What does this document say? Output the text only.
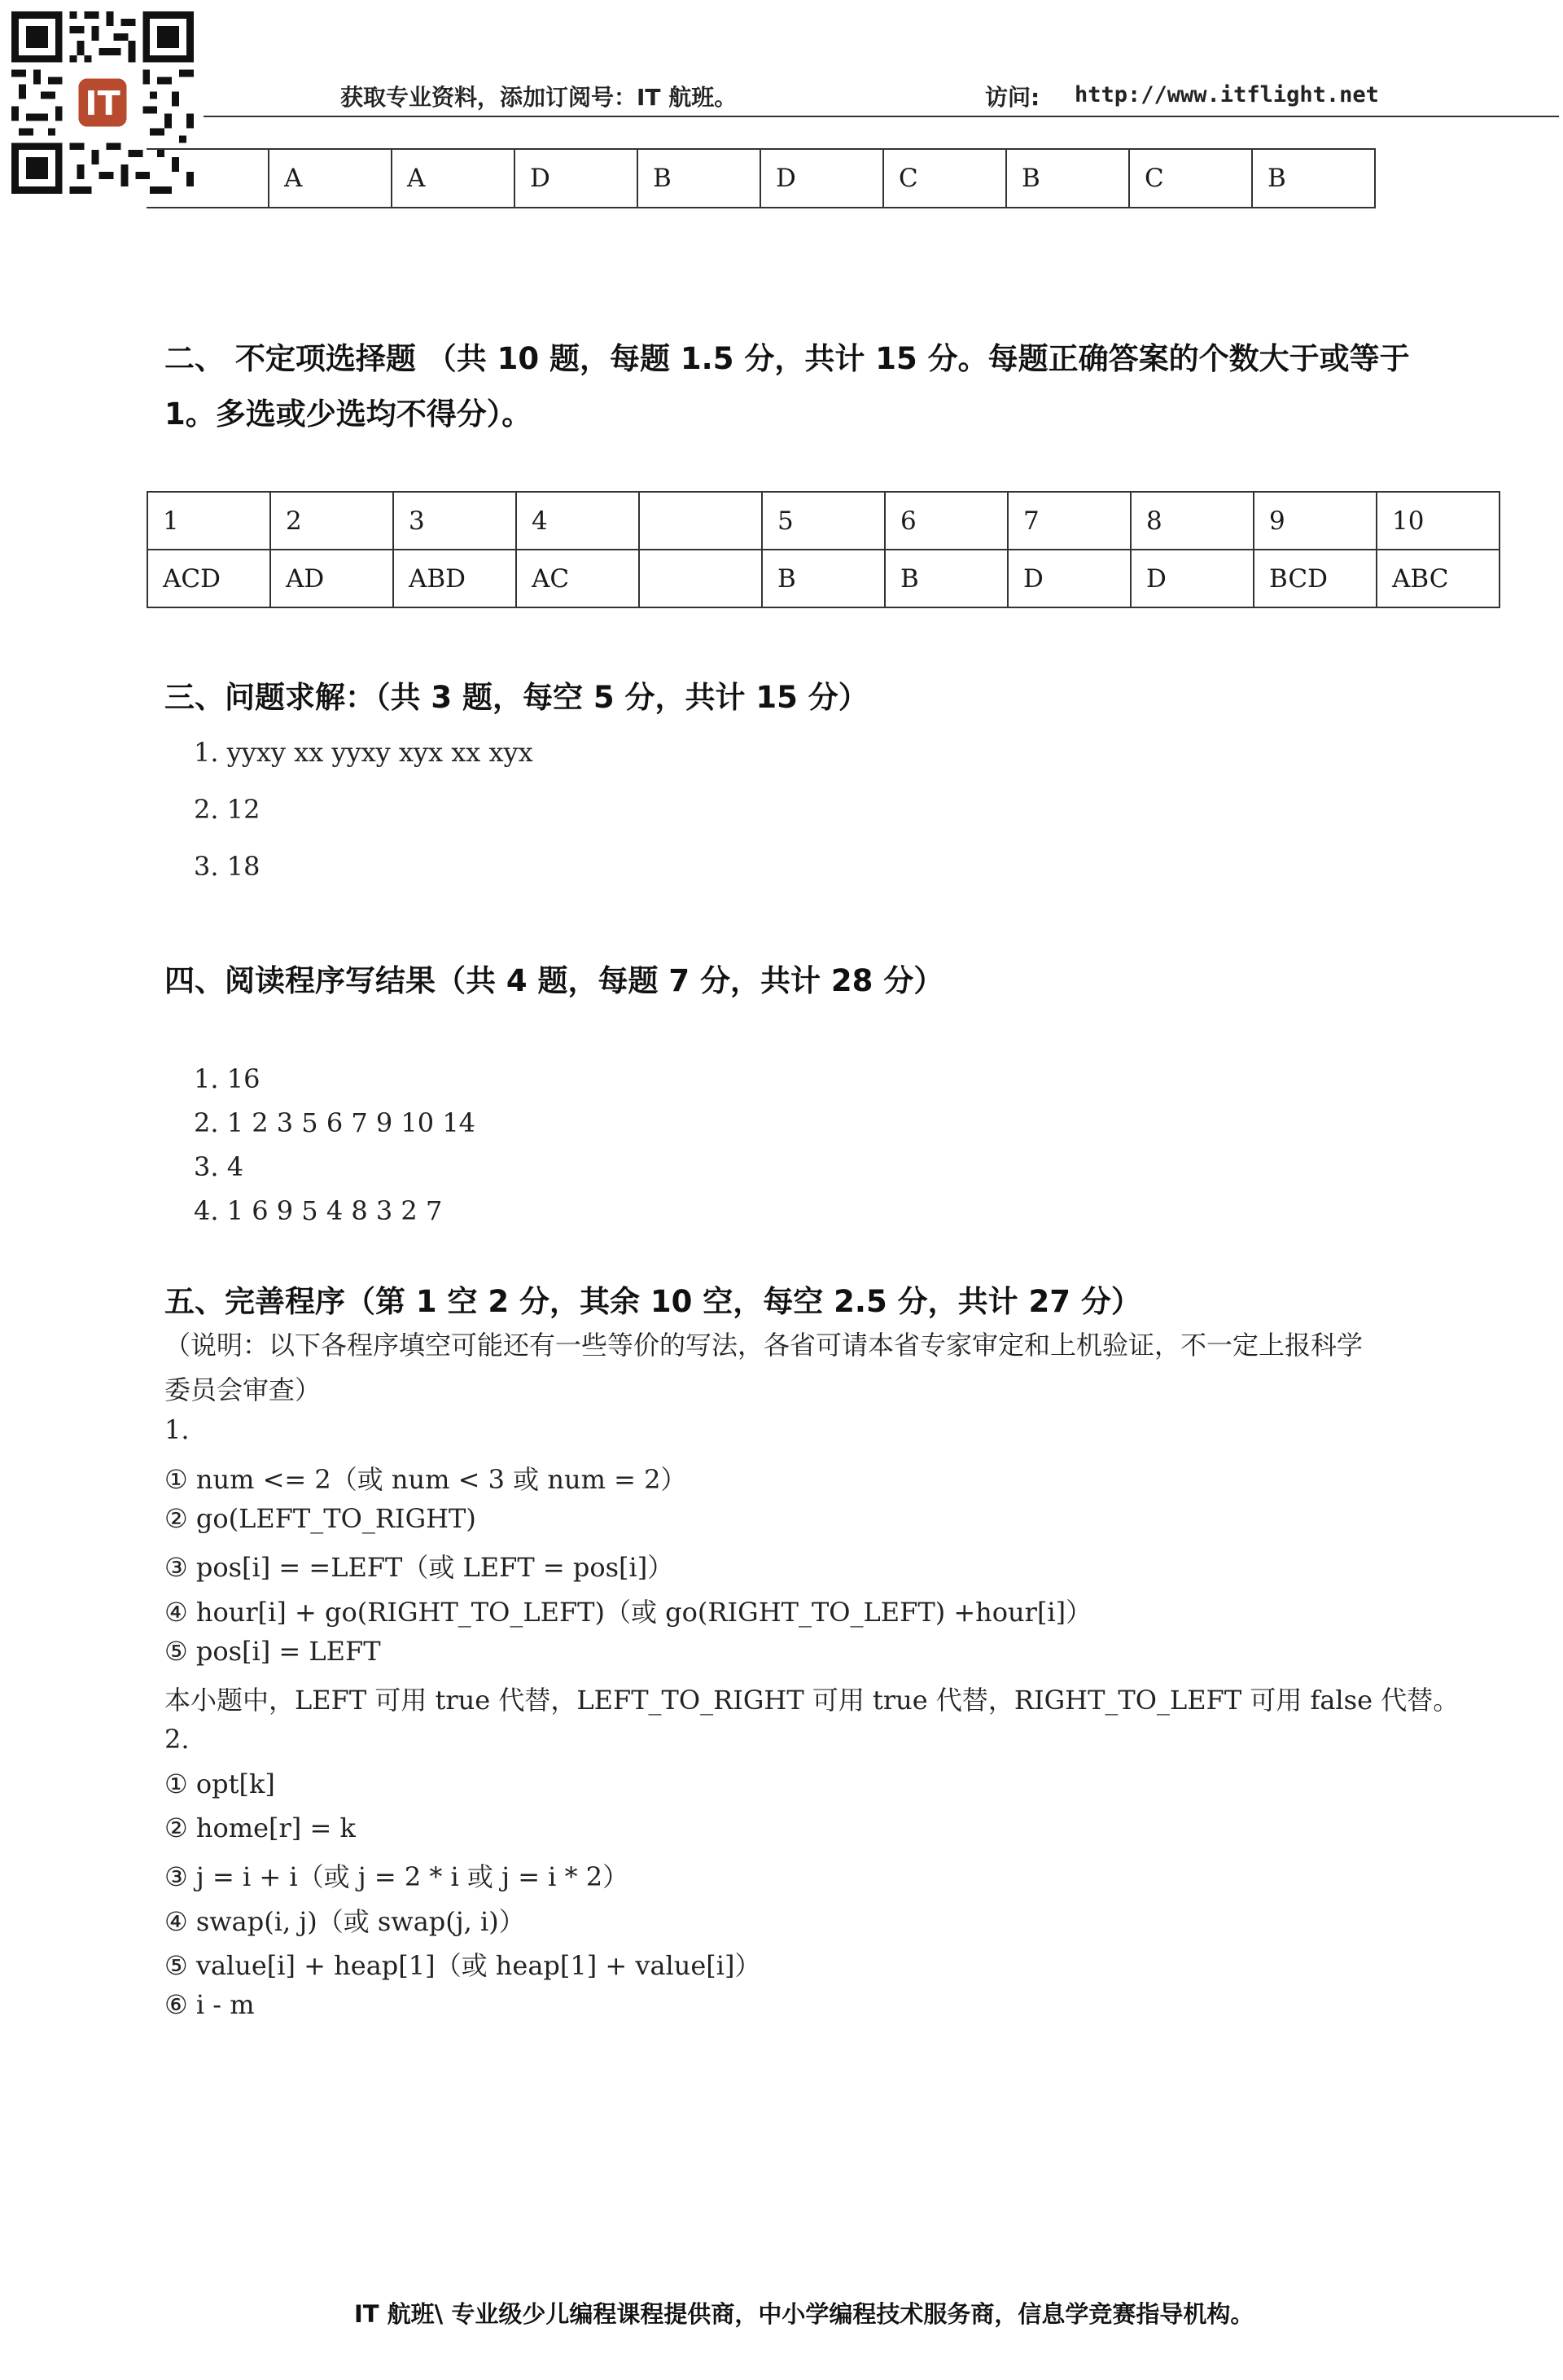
IT	获取专业资料，添加订阅号：IT 航班。	访问: http://www.itflight.net
	A	A	D	B	D	C	B	C	B
二、 不定项选择题 （共 10 题，每题 1.5 分，共计 15 分。每题正确答案的个数大于或等于
1。多选或少选均不得分）。
1	2	3	4		5	6	7	8	9	10
ACD	AD	ABD	AC		B	B	D	D	BCD	ABC
三、问题求解：（共 3 题，每空 5 分，共计 15 分）
1. yyxy xx yyxy xyx xx xyx
2. 12
3. 18
四、阅读程序写结果（共 4 题，每题 7 分，共计 28 分）
1. 16
2. 1 2 3 5 6 7 9 10 14
3. 4
4. 1 6 9 5 4 8 3 2 7
五、完善程序（第 1 空 2 分，其余 10 空，每空 2.5 分，共计 27 分）
（说明：以下各程序填空可能还有一些等价的写法，各省可请本省专家审定和上机验证，不一定上报科学
委员会审查）
1.
① num <= 2（或 num < 3 或 num = 2）
② go(LEFT_TO_RIGHT)
③ pos[i] = =LEFT（或 LEFT = pos[i]）
④ hour[i] + go(RIGHT_TO_LEFT)（或 go(RIGHT_TO_LEFT) +hour[i]）
⑤ pos[i] = LEFT
本小题中，LEFT 可用 true 代替，LEFT_TO_RIGHT 可用 true 代替，RIGHT_TO_LEFT 可用 false 代替。
2.
① opt[k]
② home[r] = k
③ j = i + i（或 j = 2 * i 或 j = i * 2）
④ swap(i, j)（或 swap(j, i)）
⑤ value[i] + heap[1]（或 heap[1] + value[i]）
⑥ i - m
IT 航班\ 专业级少儿编程课程提供商，中小学编程技术服务商，信息学竞赛指导机构。
